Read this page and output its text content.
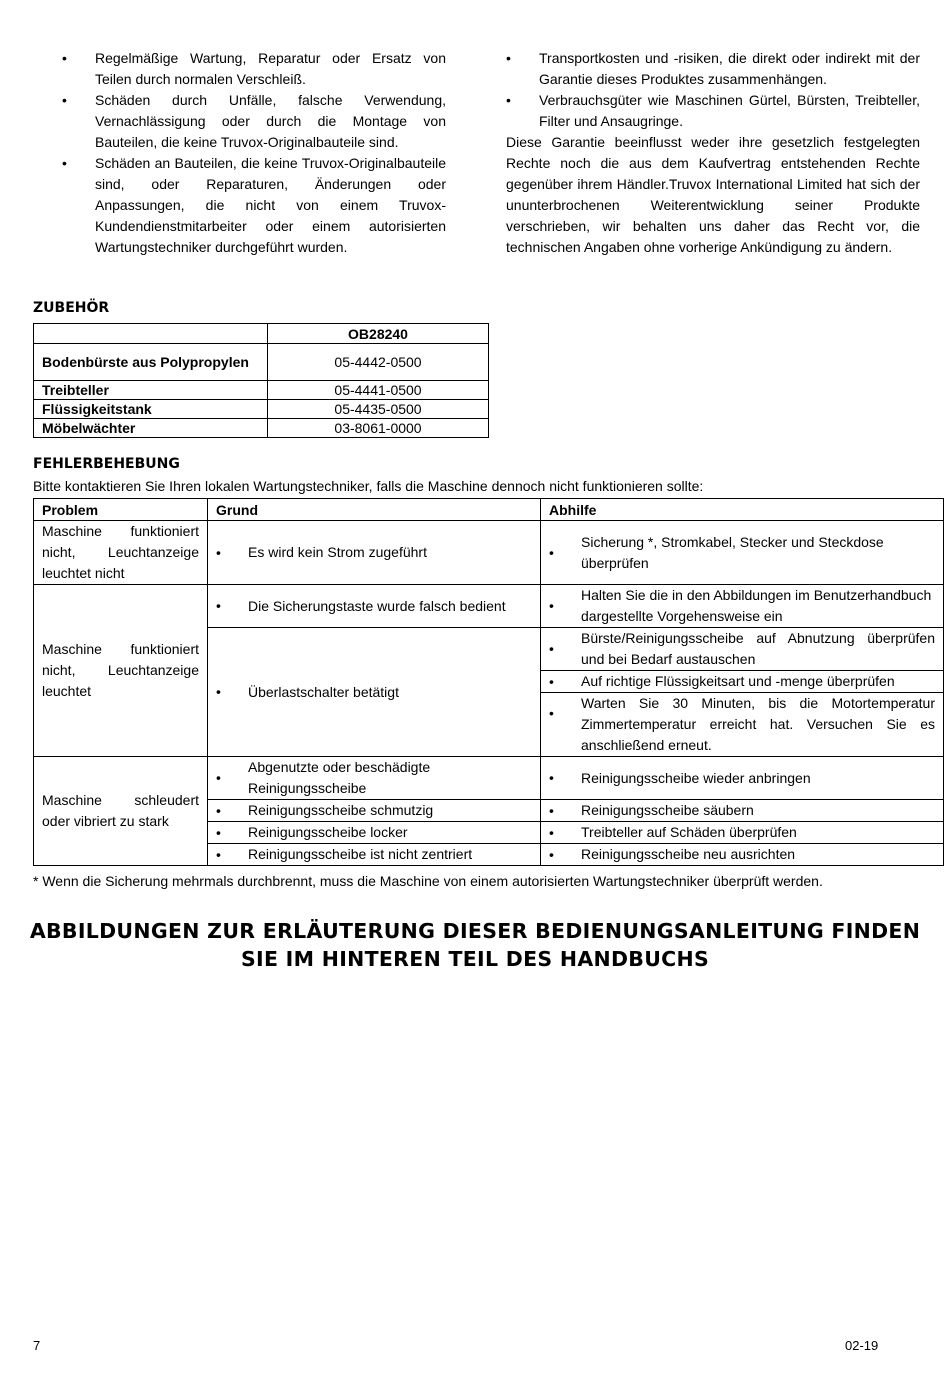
• Regelmäßige Wartung, Reparatur oder Ersatz von Teilen durch normalen Verschleiß.
• Schäden durch Unfälle, falsche Verwendung, Vernachlässigung oder durch die Montage von Bauteilen, die keine Truvox-Originalbauteile sind.
• Schäden an Bauteilen, die keine Truvox-Originalbauteile sind, oder Reparaturen, Änderungen oder Anpassungen, die nicht von einem Truvox-Kundendienstmitarbeiter oder einem autorisierten Wartungstechniker durchgeführt wurden.
• Transportkosten und -risiken, die direkt oder indirekt mit der Garantie dieses Produktes zusammenhängen.
• Verbrauchsgüter wie Maschinen Gürtel, Bürsten, Treibteller, Filter und Ansaugringe.

Diese Garantie beeinflusst weder ihre gesetzlich festgelegten Rechte noch die aus dem Kaufvertrag entstehenden Rechte gegenüber ihrem Händler.Truvox International Limited hat sich der ununterbrochenen Weiterentwicklung seiner Produkte verschrieben, wir behalten uns daher das Recht vor, die technischen Angaben ohne vorherige Ankündigung zu ändern.

ZUBEHÖR
	OB28240
Bodenbürste aus Polypropylen	05-4442-0500
Treibteller	05-4441-0500
Flüssigkeitstank	05-4435-0500
Möbelwächter	03-8061-0000
FEHLERBEHEBUNG
Bitte kontaktieren Sie Ihren lokalen Wartungstechniker, falls die Maschine dennoch nicht funktionieren sollte:
Problem	Grund	Abhilfe
Maschine funktioniert nicht, Leuchtanzeige leuchtet nicht	• Es wird kein Strom zugeführt	• Sicherung *, Stromkabel, Stecker und Steckdose überprüfen
Maschine funktioniert nicht, Leuchtanzeige leuchtet	• Die Sicherungstaste wurde falsch bedient	• Halten Sie die in den Abbildungen im Benutzerhandbuch dargestellte Vorgehensweise ein
	• Überlastschalter betätigt	• Bürste/Reinigungsscheibe auf Abnutzung überprüfen und bei Bedarf austauschen
		• Auf richtige Flüssigkeitsart und -menge überprüfen
		• Warten Sie 30 Minuten, bis die Motortemperatur Zimmertemperatur erreicht hat. Versuchen Sie es anschließend erneut.
Maschine schleudert oder vibriert zu stark	• Abgenutzte oder beschädigte Reinigungsscheibe	• Reinigungsscheibe wieder anbringen
	• Reinigungsscheibe schmutzig	• Reinigungsscheibe säubern
	• Reinigungsscheibe locker	• Treibteller auf Schäden überprüfen
	• Reinigungsscheibe ist nicht zentriert	• Reinigungsscheibe neu ausrichten
* Wenn die Sicherung mehrmals durchbrennt, muss die Maschine von einem autorisierten Wartungstechniker überprüft werden.
ABBILDUNGEN ZUR ERLÄUTERUNG DIESER BEDIENUNGSANLEITUNG FINDEN
SIE IM HINTEREN TEIL DES HANDBUCHS
7	02-19
